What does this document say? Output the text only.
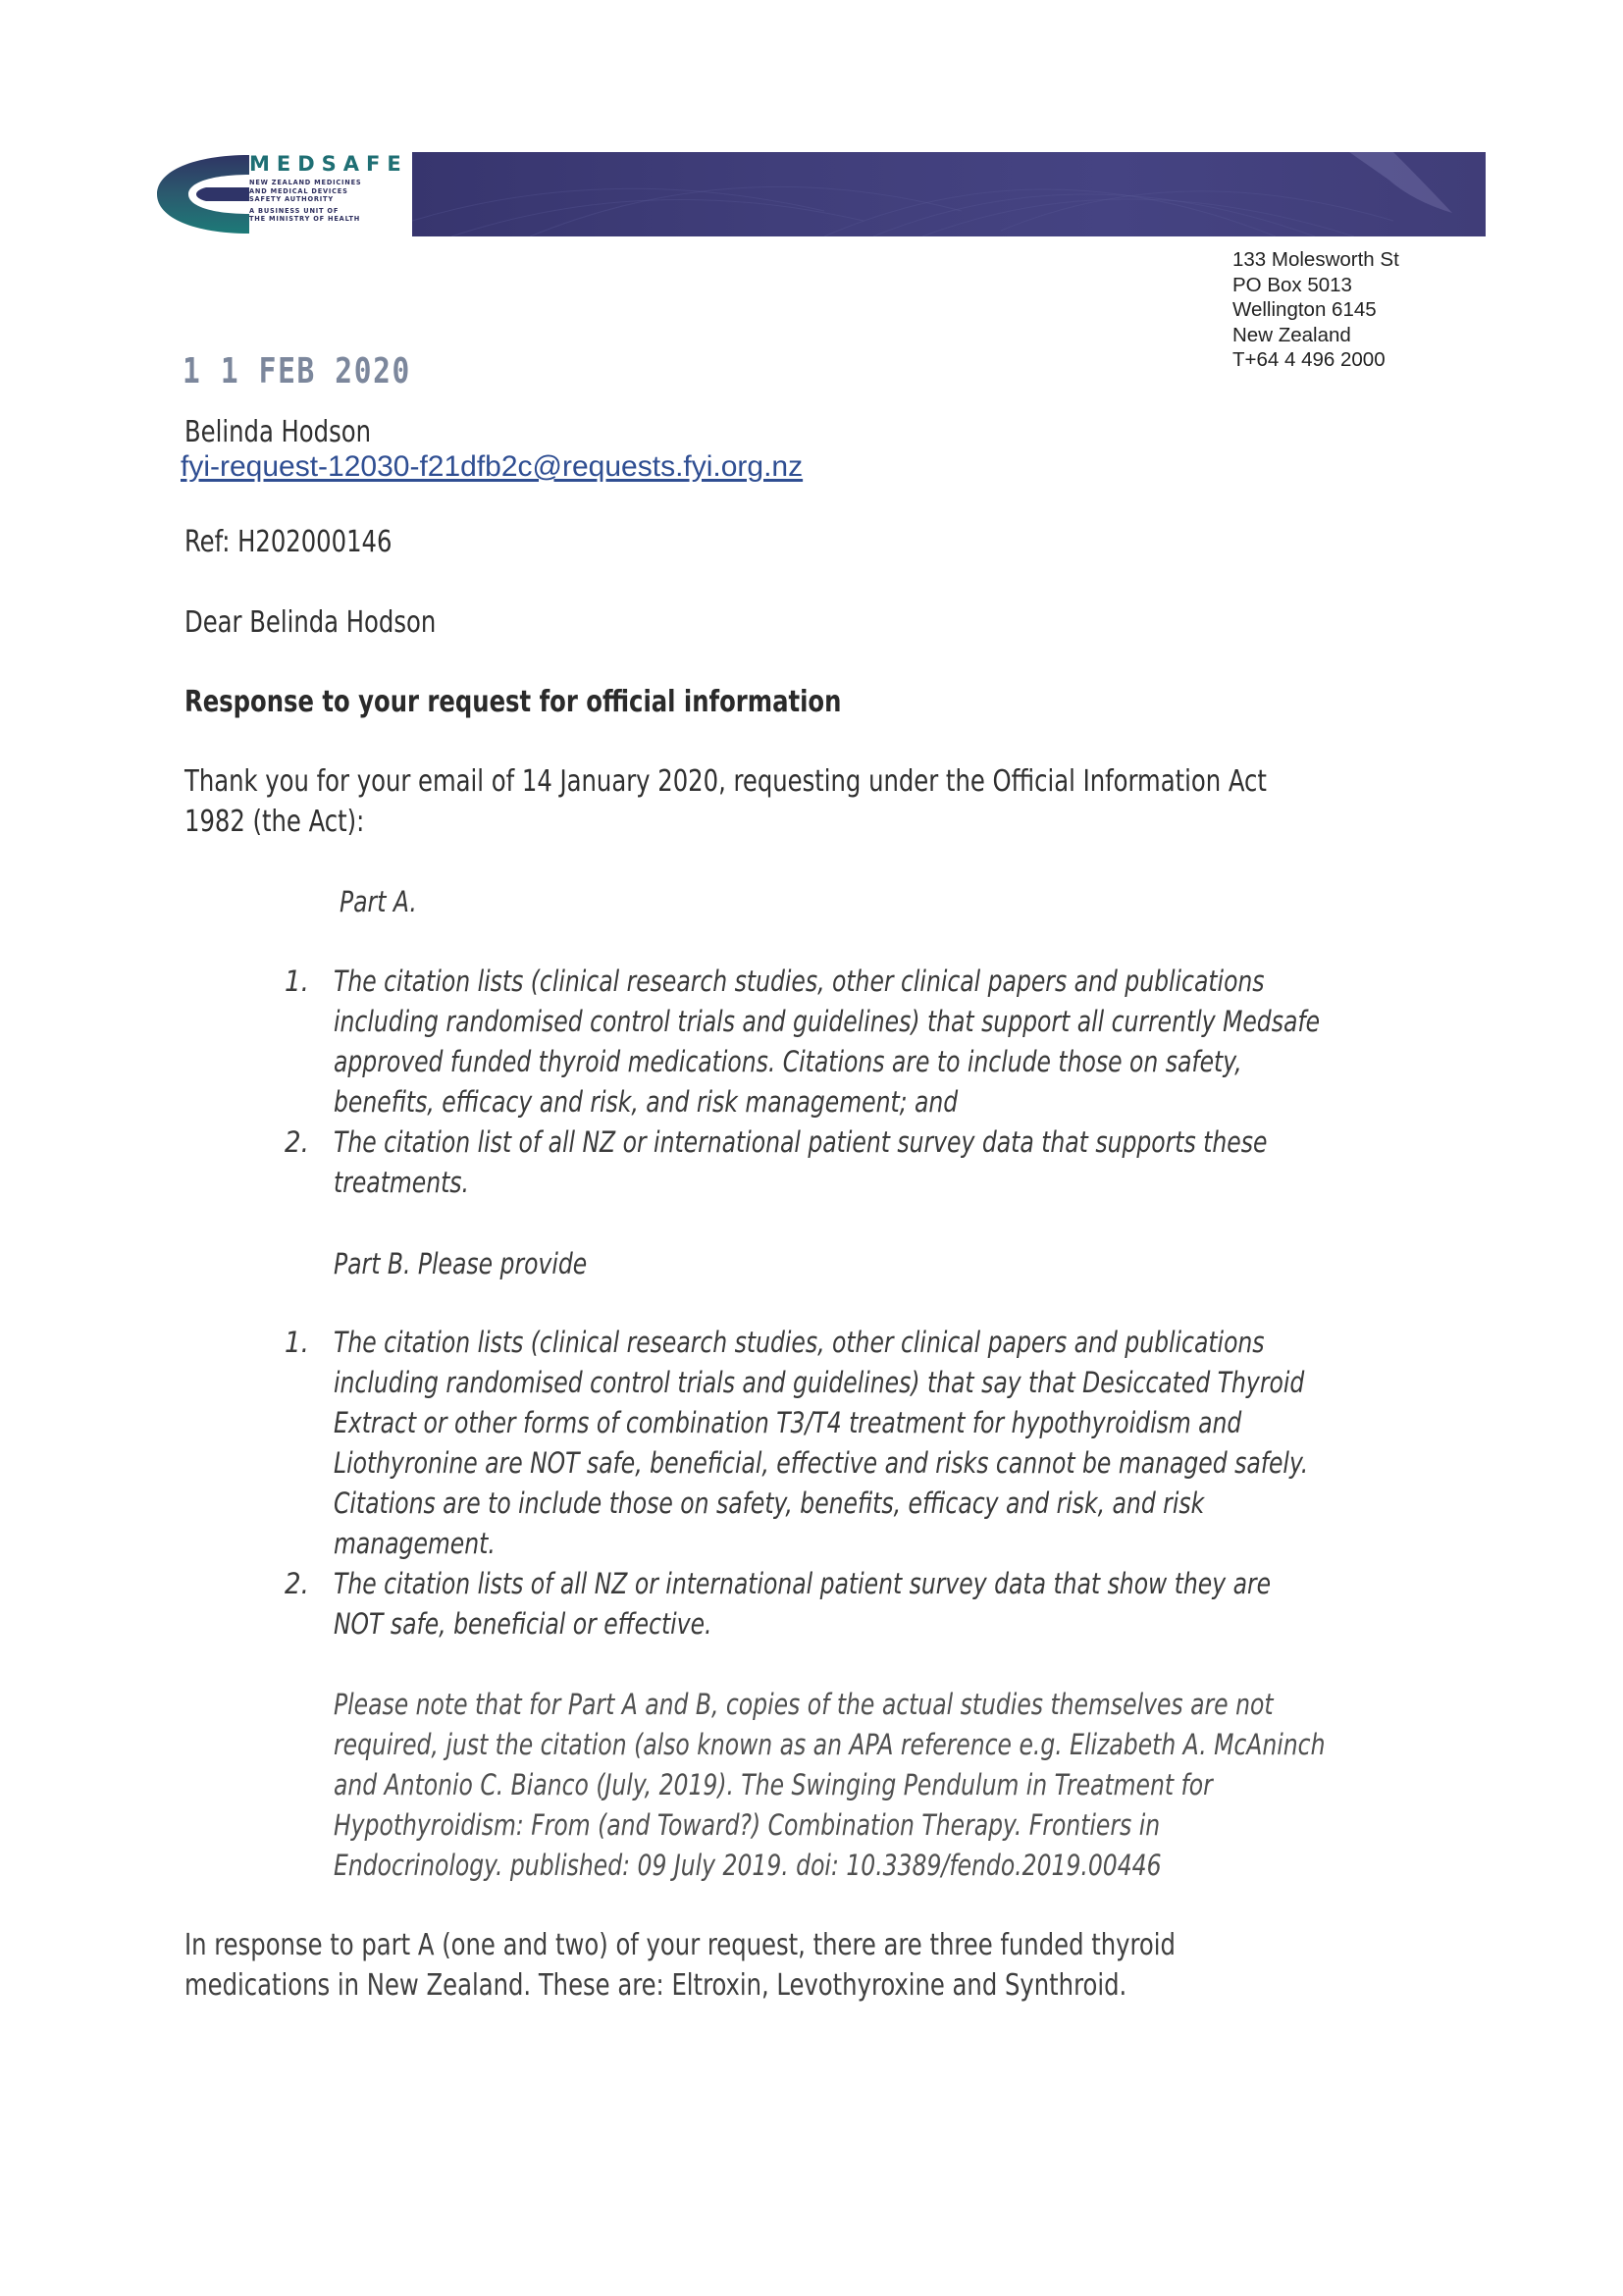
MEDSAFE
NEW ZEALAND MEDICINES
AND MEDICAL DEVICES
SAFETY AUTHORITY
A BUSINESS UNIT OF
THE MINISTRY OF HEALTH
133 Molesworth St
PO Box 5013
Wellington 6145
New Zealand
T+64 4 496 2000
1 1 FEB 2020
Belinda Hodson
fyi-request-12030-f21dfb2c@requests.fyi.org.nz
Ref: H202000146
Dear Belinda Hodson
Response to your request for official information
Thank you for your email of 14 January 2020, requesting under the Official Information Act
1982 (the Act):
Part A.
1. The citation lists (clinical research studies, other clinical papers and publications
including randomised control trials and guidelines) that support all currently Medsafe
approved funded thyroid medications. Citations are to include those on safety,
benefits, efficacy and risk, and risk management; and
2. The citation list of all NZ or international patient survey data that supports these
treatments.
Part B. Please provide
1. The citation lists (clinical research studies, other clinical papers and publications
including randomised control trials and guidelines) that say that Desiccated Thyroid
Extract or other forms of combination T3/T4 treatment for hypothyroidism and
Liothyronine are NOT safe, beneficial, effective and risks cannot be managed safely.
Citations are to include those on safety, benefits, efficacy and risk, and risk
management.
2. The citation lists of all NZ or international patient survey data that show they are
NOT safe, beneficial or effective.
Please note that for Part A and B, copies of the actual studies themselves are not
required, just the citation (also known as an APA reference e.g. Elizabeth A. McAninch
and Antonio C. Bianco (July, 2019). The Swinging Pendulum in Treatment for
Hypothyroidism: From (and Toward?) Combination Therapy. Frontiers in
Endocrinology. published: 09 July 2019. doi: 10.3389/fendo.2019.00446
In response to part A (one and two) of your request, there are three funded thyroid
medications in New Zealand. These are: Eltroxin, Levothyroxine and Synthroid.
